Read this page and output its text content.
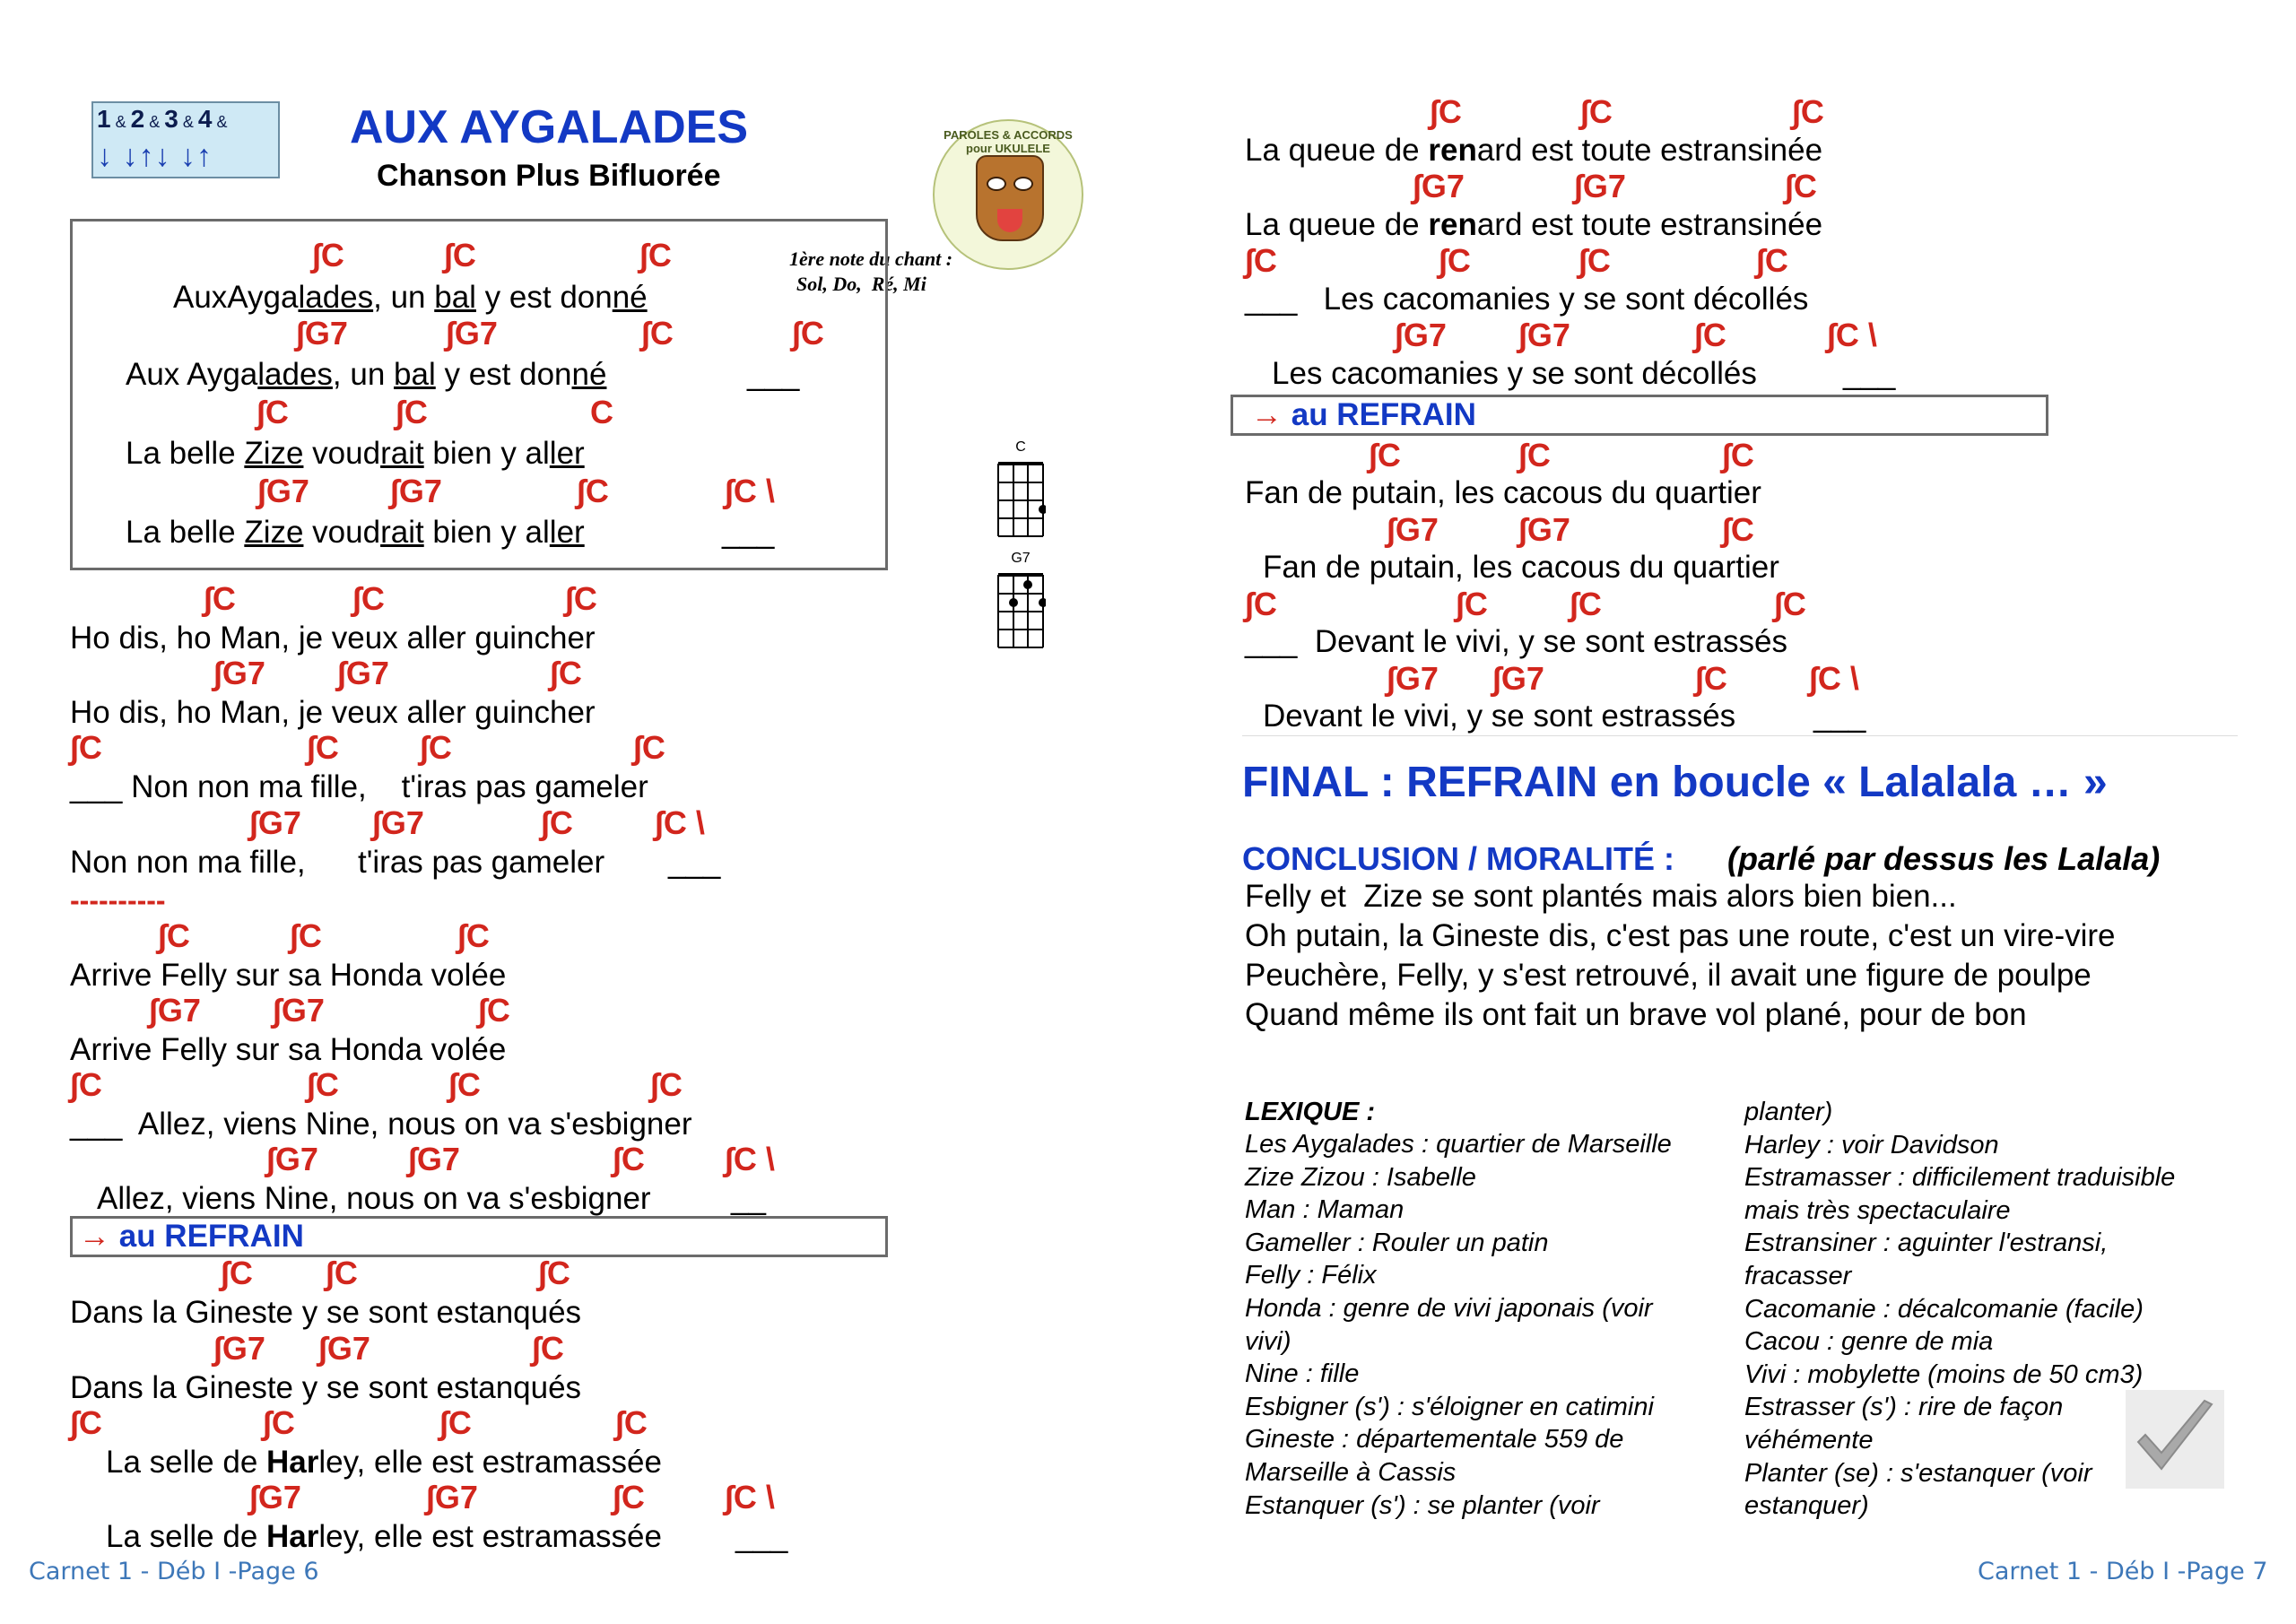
1 & 2 & 3 & 4 &
↓ ↓↑↓ ↓↑
AUX AYGALADES
Chanson Plus Bifluorée
PAROLES & ACCORDS pour UKULELE
1ère note du chant :
Sol, Do,  Ré, Mi
C
G7
∫C	∫C	∫C
AuxAygalades, un bal y est donné
∫G7	∫G7	∫C	∫C
Aux Aygаlades, un bal y est donné	___
∫C	∫C	C
La belle Zize voudrait bien y aller
∫G7	∫G7	∫C	∫C \
La belle Zize voudrait bien y aller	___
∫C	∫C	∫C
Ho dis, ho Man, je veux aller guincher
∫G7 ∫G7	∫C
Ho dis, ho Man, je veux aller guincher
∫C	∫C	∫C	∫C
___ Non non ma fille,    t'iras pas gameler
∫G7 ∫G7	∫C	∫C \
Non non ma fille,      t'iras pas gameler ___
----------
∫C	∫C	∫C
Arrive Felly sur sa Honda volée
∫G7 ∫G7	∫C
Arrive Felly sur sa Honda volée
∫C	∫C	∫C	∫C
___  Allez, viens Nine, nous on va s'esbigner
∫G7	∫G7	∫C ∫C \
Allez, viens Nine, nous on va s'esbigner	__
→ au REFRAIN
∫C ∫C	∫C
Dans la Gineste y se sont estanqués
∫G7 ∫G7	∫C
Dans la Gineste y se sont estanqués
∫C	∫C	∫C	∫C
La selle de Harley, elle est estramassée
∫G7	∫G7	∫C ∫C \
La selle de Harley, elle est estramassée ___
Carnet 1 - Déb I -Page 6
∫C	∫C	∫C
La queue de renard est toute estransinée
∫G7	∫G7	∫C
La queue de renard est toute estransinée
∫C	∫C	∫C	∫C
___   Les cacomanies y se sont décollés
∫G7 ∫G7	∫C	∫C \
Les cacomanies y se sont décollés	___
→ au REFRAIN
∫C	∫C	∫C
Fan de putain, les cacous du quartier
∫G7 ∫G7	∫C
Fan de putain, les cacous du quartier
∫C	∫C	∫C	∫C
___  Devant le vivi, y se sont estrassés
∫G7 ∫G7	∫C	∫C \
Devant le vivi, y se sont estrassés ___
FINAL : REFRAIN en boucle « Lalalala … »
CONCLUSION / MORALITÉ : (parlé par dessus les Lalala)
Felly et  Zize se sont plantés mais alors bien bien...
Oh putain, la Gineste dis, c'est pas une route, c'est un vire-vire
Peuchère, Felly, y s'est retrouvé, il avait une figure de poulpe
Quand même ils ont fait un brave vol plané, pour de bon
LEXIQUE :
Les Aygalades : quartier de Marseille
Zize Zizou : Isabelle
Man : Maman
Gameller : Rouler un patin
Felly : Félix
Honda : genre de vivi japonais (voir
vivi)
Nine : fille
Esbigner (s') : s'éloigner en catimini
Gineste : départementale 559 de
Marseille à Cassis
Estanquer (s') : se planter (voir
planter)
Harley : voir Davidson
Estramasser : difficilement traduisible
mais très spectaculaire
Estransiner : aguinter l'estransi,
fracasser
Cacomanie : décalcomanie (facile)
Cacou : genre de mia
Vivi : mobylette (moins de 50 cm3)
Estrasser (s') : rire de façon
véhémente
Planter (se) : s'estanquer (voir
estanquer)
Carnet 1 - Déb I -Page 7
